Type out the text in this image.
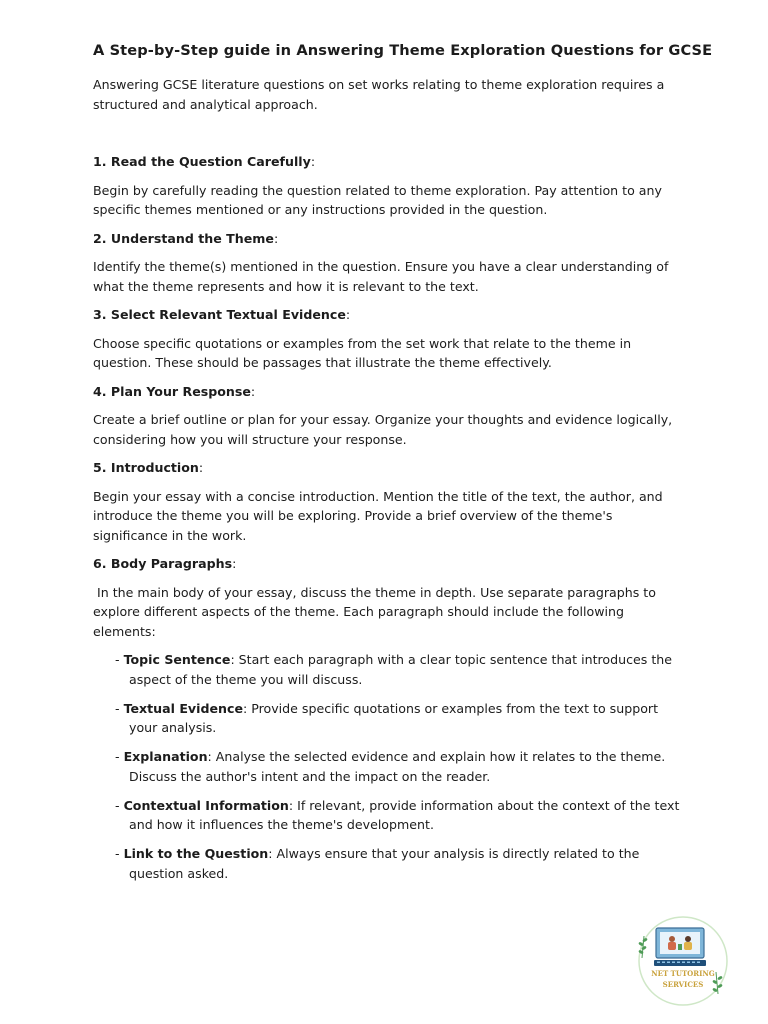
A Step-by-Step guide in Answering Theme Exploration Questions for GCSE

Answering GCSE literature questions on set works relating to theme exploration requires a structured and analytical approach.

1. Read the Question Carefully:

Begin by carefully reading the question related to theme exploration. Pay attention to any specific themes mentioned or any instructions provided in the question.

2. Understand the Theme:

Identify the theme(s) mentioned in the question. Ensure you have a clear understanding of what the theme represents and how it is relevant to the text.

3. Select Relevant Textual Evidence:

Choose specific quotations or examples from the set work that relate to the theme in question. These should be passages that illustrate the theme effectively.

4. Plan Your Response:

Create a brief outline or plan for your essay. Organize your thoughts and evidence logically, considering how you will structure your response.

5. Introduction:

Begin your essay with a concise introduction. Mention the title of the text, the author, and introduce the theme you will be exploring. Provide a brief overview of the theme's significance in the work.

6. Body Paragraphs:

In the main body of your essay, discuss the theme in depth. Use separate paragraphs to explore different aspects of the theme. Each paragraph should include the following elements:

- Topic Sentence: Start each paragraph with a clear topic sentence that introduces the aspect of the theme you will discuss.
- Textual Evidence: Provide specific quotations or examples from the text to support your analysis.
- Explanation: Analyse the selected evidence and explain how it relates to the theme. Discuss the author's intent and the impact on the reader.
- Contextual Information: If relevant, provide information about the context of the text and how it influences the theme's development.
- Link to the Question: Always ensure that your analysis is directly related to the question asked.
NET TUTORING
SERVICES
